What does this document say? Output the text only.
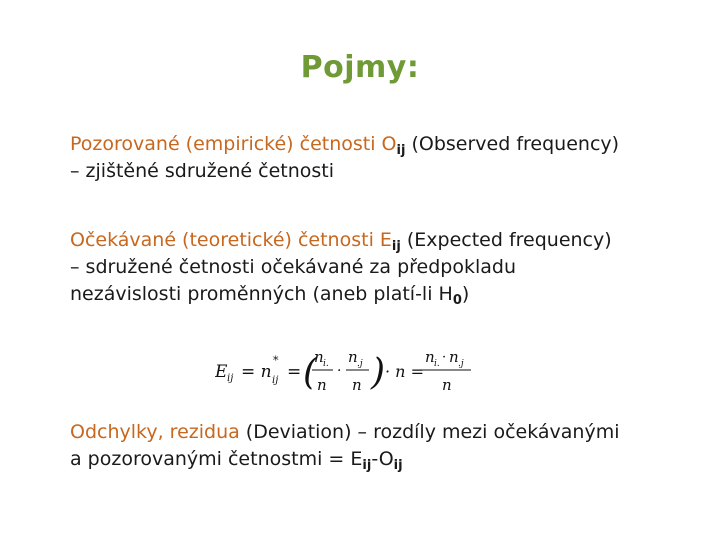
Pojmy:
Pozorované (empirické) četnosti $O_{ij}$ (Observed frequency)
– zjištěné sdružené četnosti
Očekávané (teoretické) četnosti $E_{ij}$ (Expected frequency)
– sdružené četnosti očekávané za předpokladu
nezávislosti proměnných (aneb platí-li $H_0$)
E ij = n
*
ij = (
n i.
n
·
n .j
n ) · n =
n i. · n .j
n
Odchylky, rezidua (Deviation) – rozdíly mezi očekávanými
a pozorovanými četnostmi = $E_{ij}-O_{ij}$
